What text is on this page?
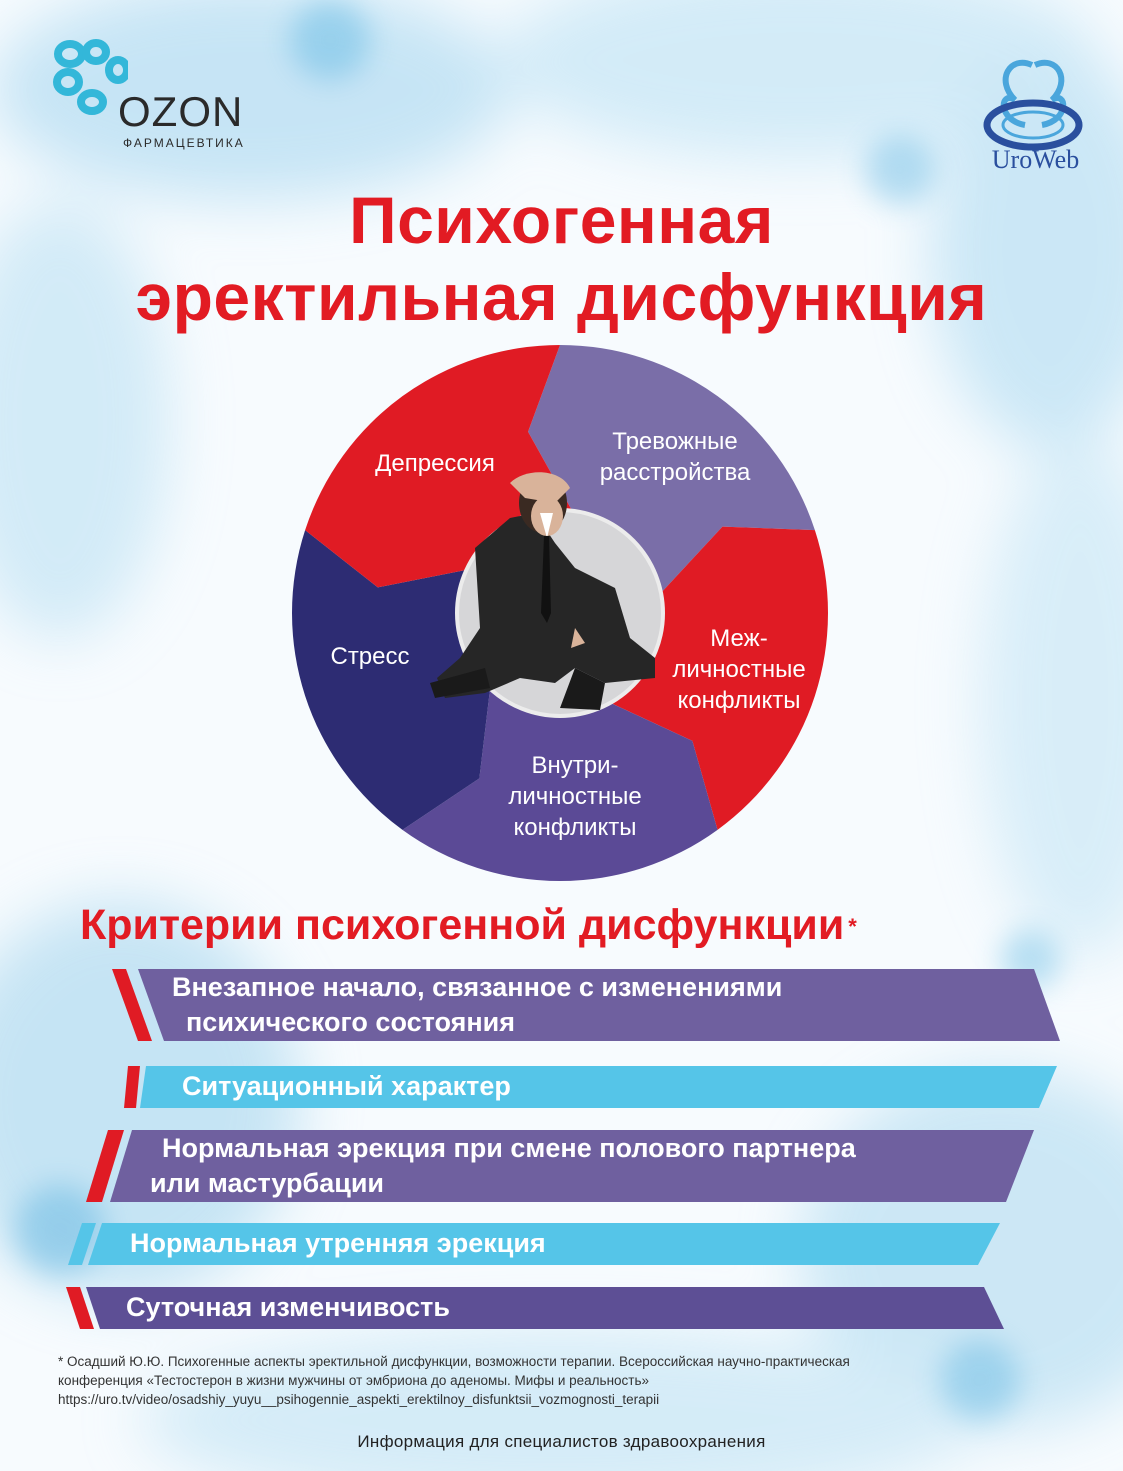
OZON
ФАРМАЦЕВТИКА
UroWeb
Психогенная
эректильная дисфункция
Депрессия
Тревожные
расстройства
Меж-
личностные
конфликты
Внутри-
личностные
конфликты
Стресс
Критерии психогенной дисфункции *
Внезапное начало, связанное с изменениями
психического состояния
Ситуационный характер
Нормальная эрекция при смене полового партнера
или мастурбации
Нормальная утренняя эрекция
Суточная изменчивость
* Осадший Ю.Ю. Психогенные аспекты эректильной дисфункции, возможности терапии. Всероссийская научно-практическая
конференция «Тестостерон в жизни мужчины от эмбриона до аденомы. Мифы и реальность»
https://uro.tv/video/osadshiy_yuyu__psihogennie_aspekti_erektilnoy_disfunktsii_vozmognosti_terapii
Информация для специалистов здравоохранения
